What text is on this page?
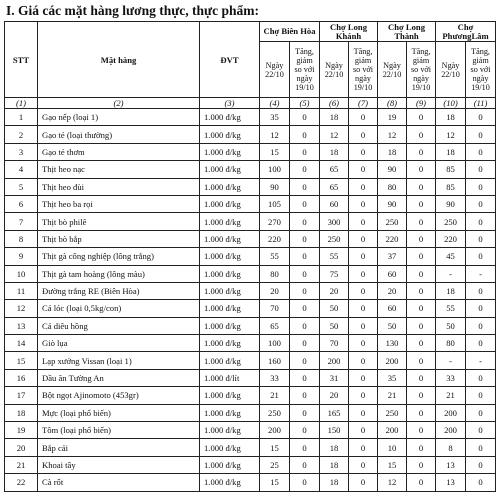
I. Giá các mặt hàng lương thực, thực phẩm:
STT	Mặt hàng	ĐVT	Chợ Biên Hòa		Chợ Long Khánh		Chợ Long Thành		Chợ PhươngLâm	
			Ngày 22/10	Tăng, giảm so với ngày 19/10	Ngày 22/10	Tăng, giảm so với ngày 19/10	Ngày 22/10	Tăng, giảm so với ngày 19/10	Ngày 22/10	Tăng, giảm so với ngày 19/10
(1)	(2)	(3)	(4)	(5)	(6)	(7)	(8)	(9)	(10)	(11)
1	Gạo nếp (loại 1)	1.000 đ/kg	35	0	18	0	19	0	18	0
2	Gạo tẻ (loại thường)	1.000 đ/kg	12	0	12	0	12	0	12	0
3	Gạo tẻ thơm	1.000 đ/kg	15	0	18	0	18	0	18	0
4	Thịt heo nạc	1.000 đ/kg	100	0	65	0	90	0	85	0
5	Thịt heo đùi	1.000 đ/kg	90	0	65	0	80	0	85	0
6	Thịt heo ba rọi	1.000 đ/kg	105	0	60	0	90	0	90	0
7	Thịt bò philê	1.000 đ/kg	270	0	300	0	250	0	250	0
8	Thịt bò bắp	1.000 đ/kg	220	0	250	0	220	0	220	0
9	Thịt gà công nghiệp (lông trắng)	1.000 đ/kg	55	0	55	0	37	0	45	0
10	Thịt gà tam hoàng (lông màu)	1.000 đ/kg	80	0	75	0	60	0	-	-
11	Đường trắng RE (Biên Hòa)	1.000 đ/kg	20	0	20	0	20	0	18	0
12	Cá lóc (loại 0,5kg/con)	1.000 đ/kg	70	0	50	0	60	0	55	0
13	Cá diêu hồng	1.000 đ/kg	65	0	50	0	50	0	50	0
14	Giò lụa	1.000 đ/kg	100	0	70	0	130	0	80	0
15	Lạp xưởng Vissan (loại 1)	1.000 đ/kg	160	0	200	0	200	0	-	-
16	Dầu ăn Tường An	1.000 đ/lít	33	0	31	0	35	0	33	0
17	Bột ngọt Ajinomoto (453gr)	1.000 đ/kg	21	0	20	0	21	0	21	0
18	Mực (loại phổ biến)	1.000 đ/kg	250	0	165	0	250	0	200	0
19	Tôm (loại phổ biến)	1.000 đ/kg	200	0	150	0	200	0	200	0
20	Bắp cải	1.000 đ/kg	15	0	18	0	10	0	8	0
21	Khoai tây	1.000 đ/kg	25	0	18	0	15	0	13	0
22	Cà rốt	1.000 đ/kg	15	0	18	0	12	0	13	0
